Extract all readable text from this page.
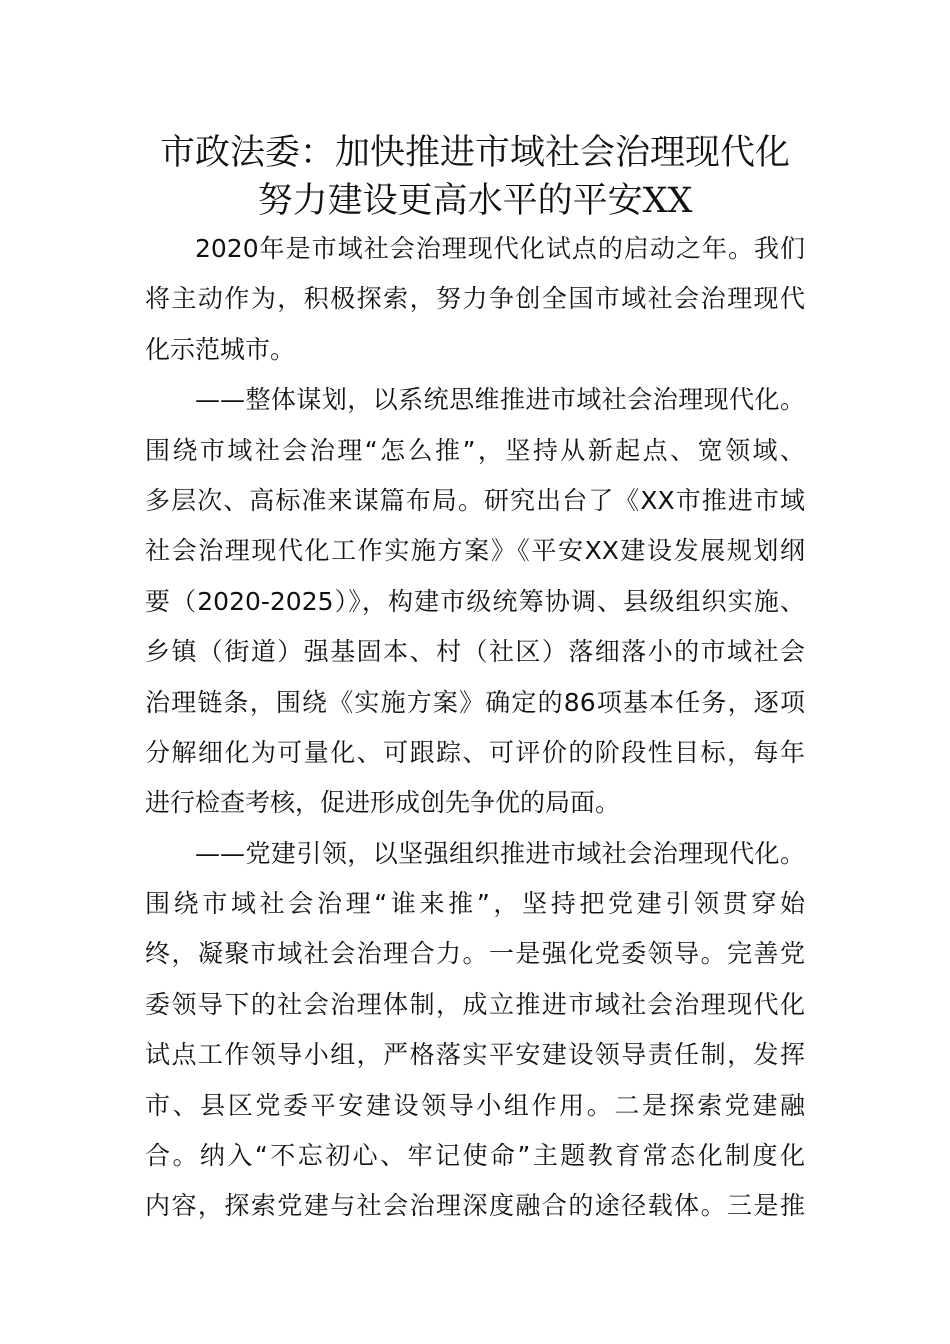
市政法委：加快推进市域社会治理现代化
努力建设更高水平的平安XX
2020年是市域社会治理现代化试点的启动之年。我们
将主动作为，积极探索，努力争创全国市域社会治理现代
化示范城市。
——整体谋划，以系统思维推进市域社会治理现代化。
围绕市域社会治理“怎么推”，坚持从新起点、宽领域、
多层次、高标准来谋篇布局。研究出台了《XX市推进市域
社会治理现代化工作实施方案》《平安XX建设发展规划纲
要（2020-2025）》，构建市级统筹协调、县级组织实施、
乡镇（街道）强基固本、村（社区）落细落小的市域社会
治理链条，围绕《实施方案》确定的86项基本任务，逐项
分解细化为可量化、可跟踪、可评价的阶段性目标，每年
进行检查考核，促进形成创先争优的局面。
——党建引领，以坚强组织推进市域社会治理现代化。
围绕市域社会治理“谁来推”，坚持把党建引领贯穿始
终，凝聚市域社会治理合力。一是强化党委领导。完善党
委领导下的社会治理体制，成立推进市域社会治理现代化
试点工作领导小组，严格落实平安建设领导责任制，发挥
市、县区党委平安建设领导小组作用。二是探索党建融
合。纳入“不忘初心、牢记使命”主题教育常态化制度化
内容，探索党建与社会治理深度融合的途径载体。三是推
